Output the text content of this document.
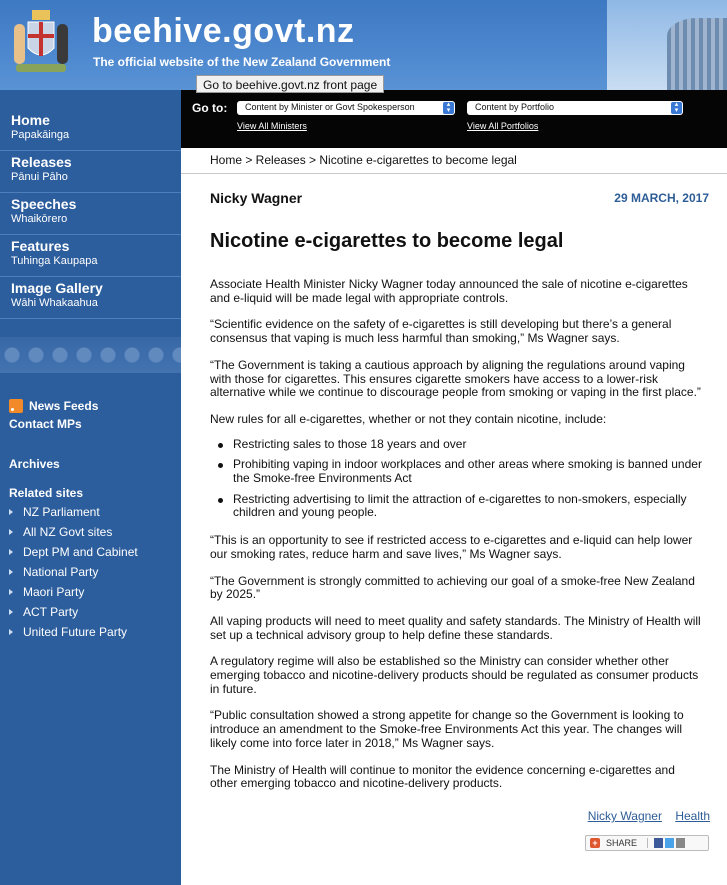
beehive.govt.nz
The official website of the New Zealand Government
Go to beehive.govt.nz front page
Home
Papakāinga
Releases
Pānui Pāho
Speeches
Whaikōrero
Features
Tuhinga Kaupapa
Image Gallery
Wāhi Whakaahua
News Feeds
Contact MPs
Archives
Related sites
NZ Parliament
All NZ Govt sites
Dept PM and Cabinet
National Party
Maori Party
ACT Party
United Future Party
Go to:	Content by Minister or Govt Spokesperson	▴
▾	Content by Portfolio	▴
▾
View All Ministers	View All Portfolios
Home > Releases > Nicotine e-cigarettes to become legal
Nicky Wagner	29 MARCH, 2017
Nicotine e-cigarettes to become legal

Associate Health Minister Nicky Wagner today announced the sale of nicotine e-cigarettes and e-liquid will be made legal with appropriate controls.

“Scientific evidence on the safety of e-cigarettes is still developing but there’s a general consensus that vaping is much less harmful than smoking,” Ms Wagner says.

“The Government is taking a cautious approach by aligning the regulations around vaping with those for cigarettes. This ensures cigarette smokers have access to a lower-risk alternative while we continue to discourage people from smoking or vaping in the first place.”

New rules for all e-cigarettes, whether or not they contain nicotine, include:

Restricting sales to those 18 years and over
Prohibiting vaping in indoor workplaces and other areas where smoking is banned under the Smoke-free Environments Act
Restricting advertising to limit the attraction of e-cigarettes to non-smokers, especially children and young people.

“This is an opportunity to see if restricted access to e-cigarettes and e-liquid can help lower our smoking rates, reduce harm and save lives,” Ms Wagner says.

“The Government is strongly committed to achieving our goal of a smoke-free New Zealand by 2025.”

All vaping products will need to meet quality and safety standards. The Ministry of Health will set up a technical advisory group to help define these standards.

A regulatory regime will also be established so the Ministry can consider whether other emerging tobacco and nicotine-delivery products should be regulated as consumer products in future.

“Public consultation showed a strong appetite for change so the Government is looking to introduce an amendment to the Smoke-free Environments Act this year. The changes will likely come into force later in 2018,” Ms Wagner says.

The Ministry of Health will continue to monitor the evidence concerning e-cigarettes and other emerging tobacco and nicotine-delivery products.

Nicky Wagner Health
+ SHARE
